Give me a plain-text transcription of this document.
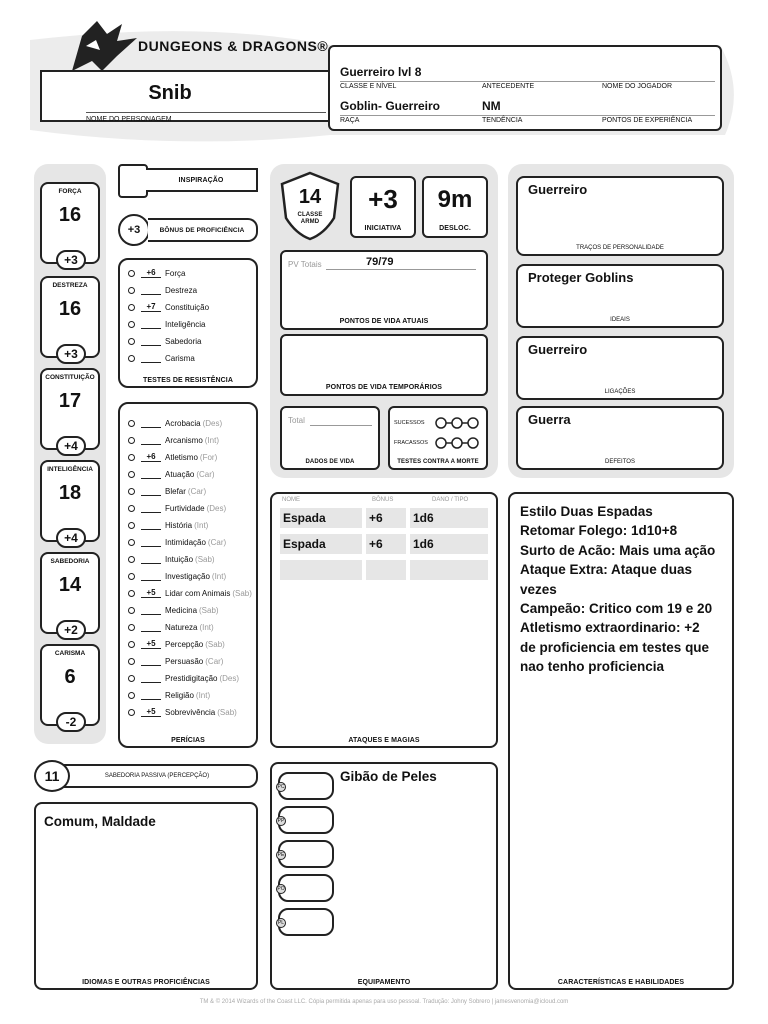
DUNGEONS & DRAGONS®
Snib
NOME DO PERSONAGEM
Guerreiro lvl 8
CLASSE E NÍVEL	ANTECEDENTE	NOME DO JOGADOR
Goblin- Guerreiro	NM
RAÇA	TENDÊNCIA	PONTOS DE EXPERIÊNCIA
FORÇA
16
+3
DESTREZA
16
+3
CONSTITUIÇÃO
17
+4
INTELIGÊNCIA
18
+4
SABEDORIA
14
+2
CARISMA
6
-2
INSPIRAÇÃO
+3	BÔNUS DE PROFICIÊNCIA
+6	Força
Destreza
+7	Constituição
Inteligência
Sabedoria
Carisma
TESTES DE RESISTÊNCIA
Acrobacia (Des)
Arcanismo (Int)
+6	Atletismo (For)
Atuação (Car)
Blefar (Car)
Furtividade (Des)
História (Int)
Intimidação (Car)
Intuição (Sab)
Investigação (Int)
+5	Lidar com Animais (Sab)
Medicina (Sab)
Natureza (Int)
+5	Percepção (Sab)
Persuasão (Car)
Prestidigitação (Des)
Religião (Int)
+5	Sobrevivência (Sab)
PERÍCIAS
14
CLASSE ARMD
+3
INICIATIVA
9m
DESLOC.
PV Totais	79/79
PONTOS DE VIDA ATUAIS
PONTOS DE VIDA TEMPORÁRIOS
Total
DADOS DE VIDA
SUCESSOS
FRACASSOS
TESTES CONTRA A MORTE
NOME	BÔNUS	DANO / TIPO
Espada	+6	1d6
Espada	+6	1d6
ATAQUES E MAGIAS
Guerreiro
TRAÇOS DE PERSONALIDADE
Proteger Goblins
IDEAIS
Guerreiro
LIGAÇÕES
Guerra
DEFEITOS
Estilo Duas Espadas
Retomar Folego: 1d10+8
Surto de Acão: Mais uma ação
Ataque Extra: Ataque duas
vezes
Campeão: Critico com 19 e 20
Atletismo extraordinario: +2
de proficiencia em testes que
nao tenho proficiencia
CARACTERÍSTICAS E HABILIDADES
SABEDORIA PASSIVA (PERCEPÇÃO)
11
Comum, Maldade
IDIOMAS E OUTRAS PROFICIÊNCIAS
Gibão de Peles
EQUIPAMENTO
PC
PP
PE
PO
PL
TM & © 2014 Wizards of the Coast LLC. Cópia permitida apenas para uso pessoal. Tradução: Johny Sobrero | jamesvenomia@icloud.com
